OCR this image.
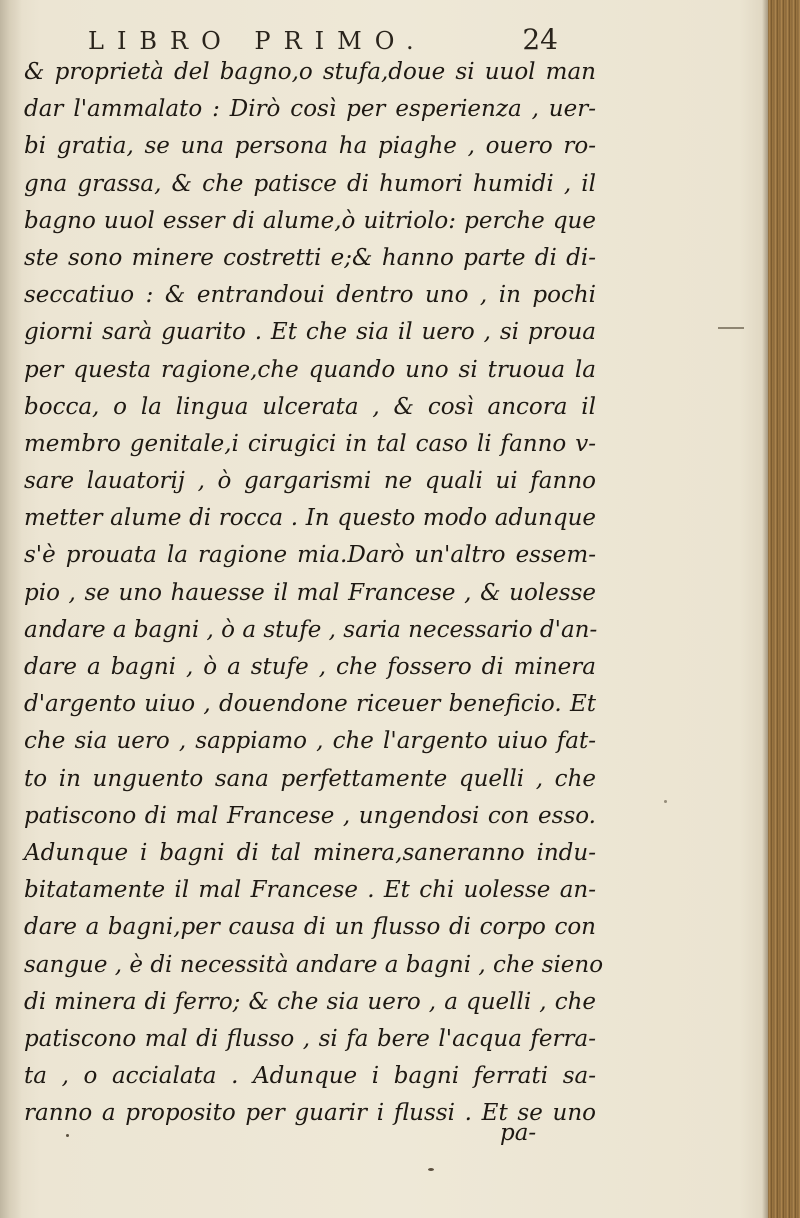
LIBRO PRIMO.	24
& proprietà del bagno,o stufa,doue si uuol man
dar l'ammalato : Dirò così per esperienza , uer-
bi gratia, se una persona ha piaghe , ouero ro-
gna grassa, & che patisce di humori humidi , il
bagno uuol esser di alume,ò uitriolo: perche que
ste sono minere costretti e;& hanno parte di di-
seccatiuo : & entrandoui dentro uno , in pochi
giorni sarà guarito . Et che sia il uero , si proua
per questa ragione,che quando uno si truoua la
bocca, o la lingua ulcerata , & così ancora il
membro genitale,i cirugici in tal caso li fanno v-
sare lauatorij , ò gargarismi ne quali ui fanno
metter alume di rocca . In questo modo adunque
s'è prouata la ragione mia.Darò un'altro essem-
pio , se uno hauesse il mal Francese , & uolesse
andare a bagni , ò a stufe , saria necessario d'an-
dare a bagni , ò a stufe , che fossero di minera
d'argento uiuo , douendone riceuer beneficio. Et
che sia uero , sappiamo , che l'argento uiuo fat-
to in unguento sana perfettamente quelli , che
patiscono di mal Francese , ungendosi con esso.
Adunque i bagni di tal minera,saneranno indu-
bitatamente il mal Francese . Et chi uolesse an-
dare a bagni,per causa di un flusso di corpo con
sangue , è di necessità andare a bagni , che sieno
di minera di ferro; & che sia uero , a quelli , che
patiscono mal di flusso , si fa bere l'acqua ferra-
ta , o accialata . Adunque i bagni ferrati sa-
ranno a proposito per guarir i flussi . Et se uno
pa-
